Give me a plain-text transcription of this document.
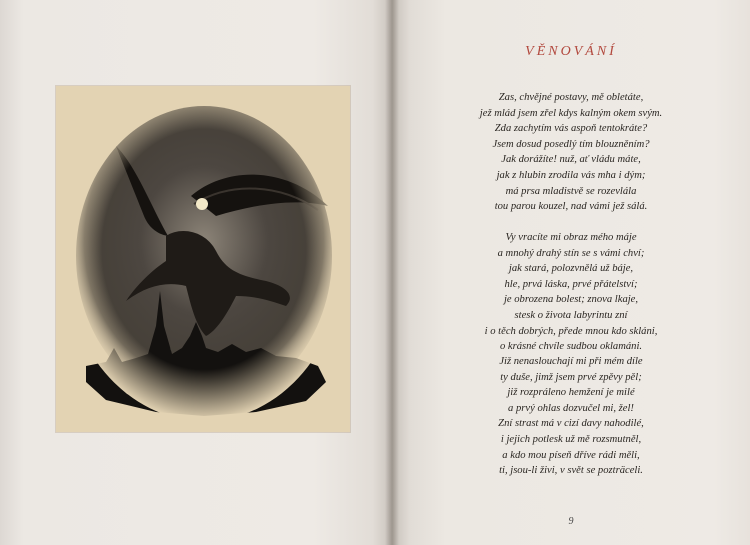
VĚNOVÁNÍ
Zas, chvějné postavy, mě obletáte,
jež mlád jsem zřel kdys kalným okem svým.
Zda zachytím vás aspoň tentokráte?
Jsem dosud posedlý tím blouzněním?
Jak dorážíte! nuž, ať vládu máte,
jak z hlubin zrodila vás mha i dým;
má prsa mladistvě se rozevlála
tou parou kouzel, nad vámi jež sálá.
Vy vracíte mi obraz mého máje
a mnohý drahý stín se s vámi chví;
jak stará, polozvnělá už báje,
hle, prvá láska, prvé přátelství;
je obrozena bolest; znova lkaje,
stesk o života labyrintu zní
i o těch dobrých, přede mnou kdo skláni,
o krásné chvíle sudbou oklamáni.
Již nenaslouchají mi při mém díle
ty duše, jimž jsem prvé zpěvy pěl;
již rozpráleno hemžení je milé
a prvý ohlas dozvučel mi, žel!
Zní strast má v cizí davy nahodilé,
i jejich potlesk už mě rozsmutněl,
a kdo mou píseň dříve rádi měli,
ti, jsou-li živi, v svět se pozträceli.
9
